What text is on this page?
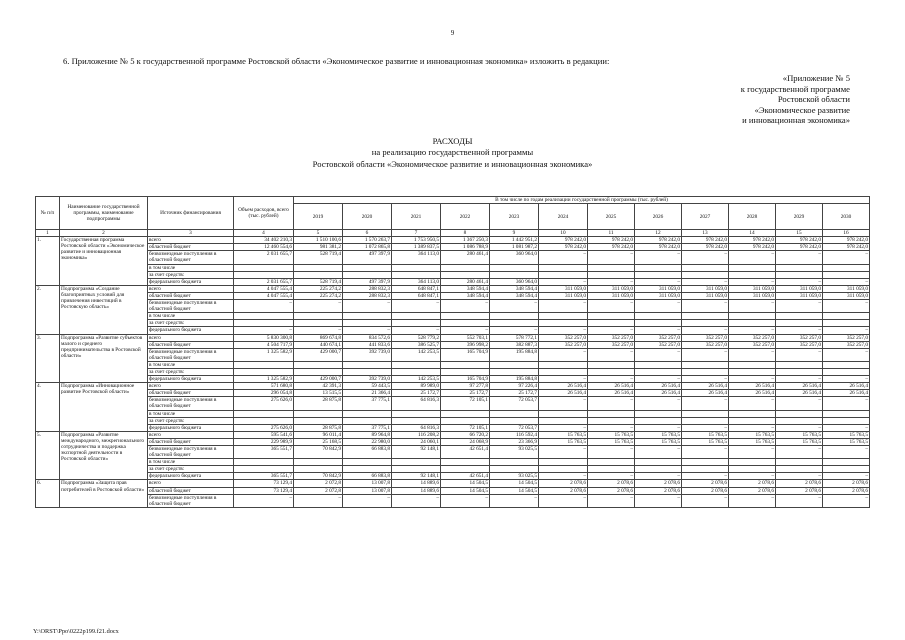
9
6. Приложение № 5 к государственной программе Ростовской области «Экономическое развитие и инновационная экономика» изложить в редакции:
«Приложение № 5
к государственной программе
Ростовской области
«Экономическое развитие
и инновационная экономика»
РАСХОДЫ
на реализацию государственной программы
Ростовской области «Экономическое развитие и инновационная экономика»
№ п/п	Наименование государственной программы, наименование подпрограммы	Источник финансирования	Объем расходов, всего (тыс. рублей)	В том числе по годам реализации государственной программы (тыс. рублей)											
				2019	2020	2021	2022	2023	2024	2025	2026	2027	2028	2029	2030
1	2	3	4	5	6	7	8	9	10	11	12	13	14	15	16
1.	Государственная программа Ростовской области «Экономическое развитие и инновационная экономика»	всего	34 402 210,3	1 510 100,6	1 570 263,7	1 753 950,5	1 367 250,3	1 442 951,2	978 242,0	978 242,0	978 242,0	978 242,0	978 242,0	978 242,0	978 242,0
		областной бюджет	12 460 554,6	981 381,2	1 072 865,8	1 389 837,5	1 086 788,9	1 081 987,2	978 242,0	978 242,0	978 242,0	978 242,0	978 242,0	978 242,0	978 242,0
		безвозмездные поступления в областной бюджет	2 031 655,7	528 719,4	497 397,9	364 113,0	280 461,4	360 964,0	–	–	–	–	–	–	–
		в том числе													
		за счет средств:													
		федерального бюджета	2 031 655,7	528 719,4	497 397,9	364 113,0	280 461,4	360 964,0	–	–	–	–	–	–	–
2.	Подпрограмма «Создание благоприятных условий для привлечения инвестиций в Ростовскую область»	всего	4 047 555,4	225 274,2	288 832,3	648 847,1	348 594,4	348 594,4	311 059,0	311 059,0	311 059,0	311 059,0	311 059,0	311 059,0	311 059,0
		областной бюджет	4 047 555,4	225 274,2	288 832,3	648 847,1	348 594,4	348 594,4	311 059,0	311 059,0	311 059,0	311 059,0	311 059,0	311 059,0	311 059,0
		безвозмездные поступления в областной бюджет	–	–	–	–	–	–	–	–	–	–	–	–	–
		в том числе													
		за счет средств:													
		федерального бюджета	–	–	–	–	–	–	–	–	–	–	–	–	–
3.	Подпрограмма «Развитие субъектов малого и среднего предпринимательства в Ростовской области»	всего	5 830 300,8	869 674,8	834 572,6	528 779,2	552 703,1	578 772,1	352 257,0	352 257,0	352 257,0	352 257,0	352 257,0	352 257,0	352 257,0
		областной бюджет	4 504 717,9	440 674,1	441 833,6	386 525,7	396 998,2	382 887,3	352 257,0	352 257,0	352 257,0	352 257,0	352 257,0	352 257,0	352 257,0
		безвозмездные поступления в областной бюджет	1 325 582,9	429 000,7	392 739,0	142 253,5	165 704,9	195 884,8	–	–	–	–	–	–	–
		в том числе													
		за счет средств:													
		федерального бюджета	1 325 582,9	429 000,7	392 739,0	142 253,5	165 704,9	195 884,8	–	–	–	–	–	–	–
4.	Подпрограмма «Инновационное развитие Ростовской области»	всего	571 680,8	42 391,3	59 443,5	89 989,0	97 277,8	97 226,4	26 516,4	26 516,4	26 516,4	26 516,4	26 516,4	26 516,4	26 516,4
		областной бюджет	296 054,8	13 515,5	21 366,4	25 172,7	25 172,7	25 172,7	26 516,4	26 516,4	26 516,4	26 516,4	26 516,4	26 516,4	26 516,4
		безвозмездные поступления в областной бюджет	275 626,0	28 875,8	37 775,1	64 816,3	72 105,1	72 053,7	–	–	–	–	–	–	–
		в том числе													
		за счет средств:													
		федерального бюджета	275 626,0	28 875,8	37 775,1	64 816,3	72 105,1	72 053,7	–	–	–	–	–	–	–
5.	Подпрограмма «Развитие международного, межрегионального сотрудничества и поддержка экспортной деятельности в Ростовской области»	всего	595 541,6	96 011,4	89 964,8	116 208,2	66 720,2	116 592,4	15 763,5	15 763,5	15 763,5	15 763,5	15 763,5	15 763,5	15 763,5
		областной бюджет	229 989,9	25 168,5	22 980,0	24 060,1	24 068,9	23 366,9	15 763,5	15 763,5	15 763,5	15 763,5	15 763,5	15 763,5	15 763,5
		безвозмездные поступления в областной бюджет	365 551,7	70 842,9	66 883,8	92 148,1	42 651,4	93 025,5	–	–	–	–	–	–	–
		в том числе													
		за счет средств:													
		федерального бюджета	365 551,7	70 842,9	66 883,8	92 148,1	42 651,4	93 025,5	–	–	–	–	–	–	–
6.	Подпрограмма «Защита прав потребителей в Ростовской области»	всего	73 129,4	2 072,8	13 007,8	14 889,6	14 504,5	14 504,5	2 078,6	2 078,6	2 078,6	2 078,6	2 078,6	2 078,6	2 078,6
		областной бюджет	73 129,4	2 072,8	13 007,8	14 889,6	14 504,5	14 504,5	2 078,6	2 078,6	2 078,6	2 078,6	2 078,6	2 078,6	2 078,6
		безвозмездные поступления в областной бюджет	–	–	–	–	–	–	–	–	–	–	–	–	–
Y:\ORST\Ppo\0222p199.f21.docx
